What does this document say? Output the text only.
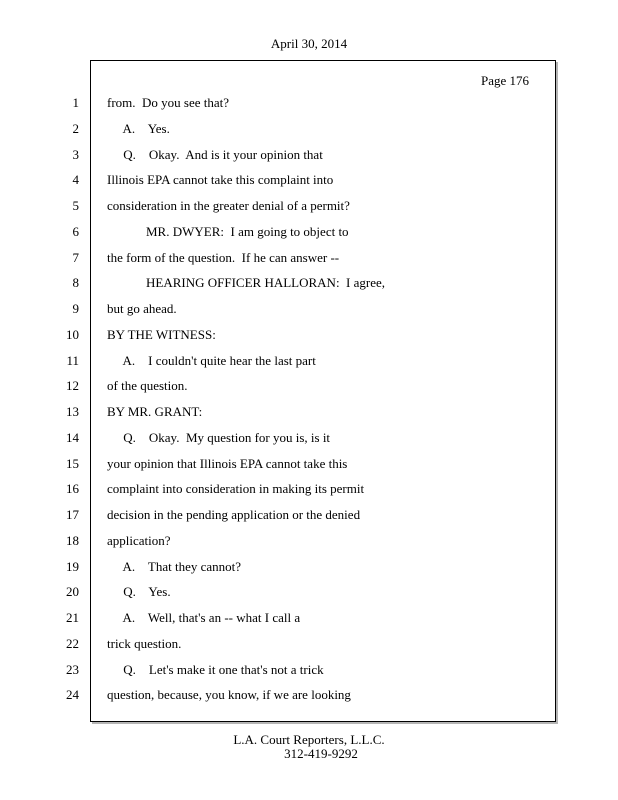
April 30, 2014
Page 176
1 from.  Do you see that?
2 A.    Yes.
3 Q.    Okay.  And is it your opinion that
4 Illinois EPA cannot take this complaint into
5 consideration in the greater denial of a permit?
6 MR. DWYER:  I am going to object to
7 the form of the question.  If he can answer --
8 HEARING OFFICER HALLORAN:  I agree,
9 but go ahead.
10 BY THE WITNESS:
11 A.    I couldn't quite hear the last part
12 of the question.
13 BY MR. GRANT:
14 Q.    Okay.  My question for you is, is it
15 your opinion that Illinois EPA cannot take this
16 complaint into consideration in making its permit
17 decision in the pending application or the denied
18 application?
19 A.    That they cannot?
20 Q.    Yes.
21 A.    Well, that's an -- what I call a
22 trick question.
23 Q.    Let's make it one that's not a trick
24 question, because, you know, if we are looking
L.A. Court Reporters, L.L.C.
312-419-9292
